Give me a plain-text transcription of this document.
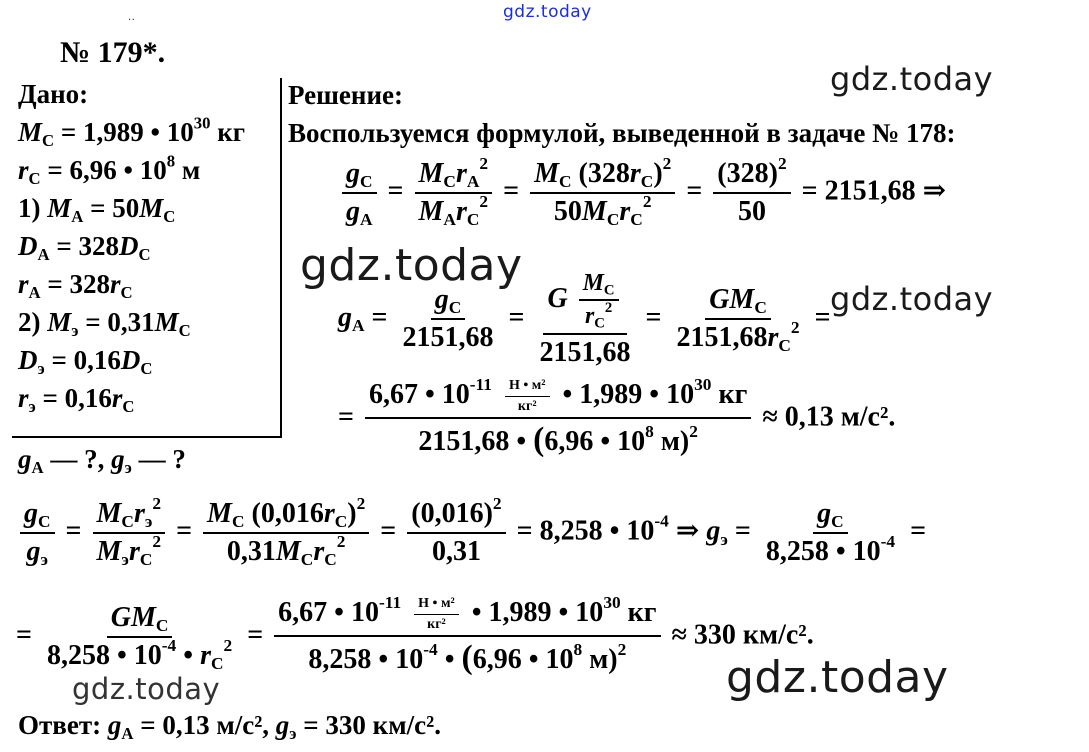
gdz.today
..
gdz.today
gdz.today
gdz.today
gdz.today	gdz.today
№ 179*.
Дано:
$M_C = 1,989$ • $10^{30}$ кг
$r_C = 6,96$ • $10^8$ м
1) $M_A = 50M_C$
$D_A = 328D_C$
$r_A = 328r_C$
2) $M_э = 0,31M_C$
$D_э = 0,16D_C$
$r_э = 0,16r_C$
$g_A$ — ?, $g_э$ — ?
Решение:
Воспользуемся формулой, выведенной в задаче № 178:
$\frac{g_C}{g_A} = \frac{M_Cr_A^2}{M_Ar_C^2} = \frac{M_C (328r_C)^2}{50M_Cr_C^2} = \frac{(328)^2}{50} = 2151,68$ ⇒
$g_A = \frac{g_C}{2151,68} = \frac{G \frac{M_C}{r_C^2}}{2151,68} = \frac{GM_C}{2151,68r_C^2}$ =
= $\frac{6,67 • 10^{-11} \frac{\text{Н • м²}}{\text{кг²}} • 1,989 • 10^{30} кг}{2151,68 • (6,96 • 10^8 м)^2} \approx 0,13$ м/с².
$\frac{g_C}{g_э} = \frac{M_Cr_э^2}{M_эr_C^2} = \frac{M_C (0,016r_C)^2}{0,31M_Cr_C^2} = \frac{(0,016)^2}{0,31} = 8,258$ • $10^{-4}$ ⇒ $g_э = \frac{g_C}{8,258 • 10^{-4}}$ =
= $\frac{GM_C}{8,258 • 10^{-4} • r_C^2} = \frac{6,67 • 10^{-11} \frac{\text{Н • м²}}{\text{кг²}} • 1,989 • 10^{30} кг}{8,258 • 10^{-4} • (6,96 • 10^8 м)^2} \approx 330$ км/с².
Ответ: $g_A = 0,13$ м/с², $g_э = 330$ км/с².
